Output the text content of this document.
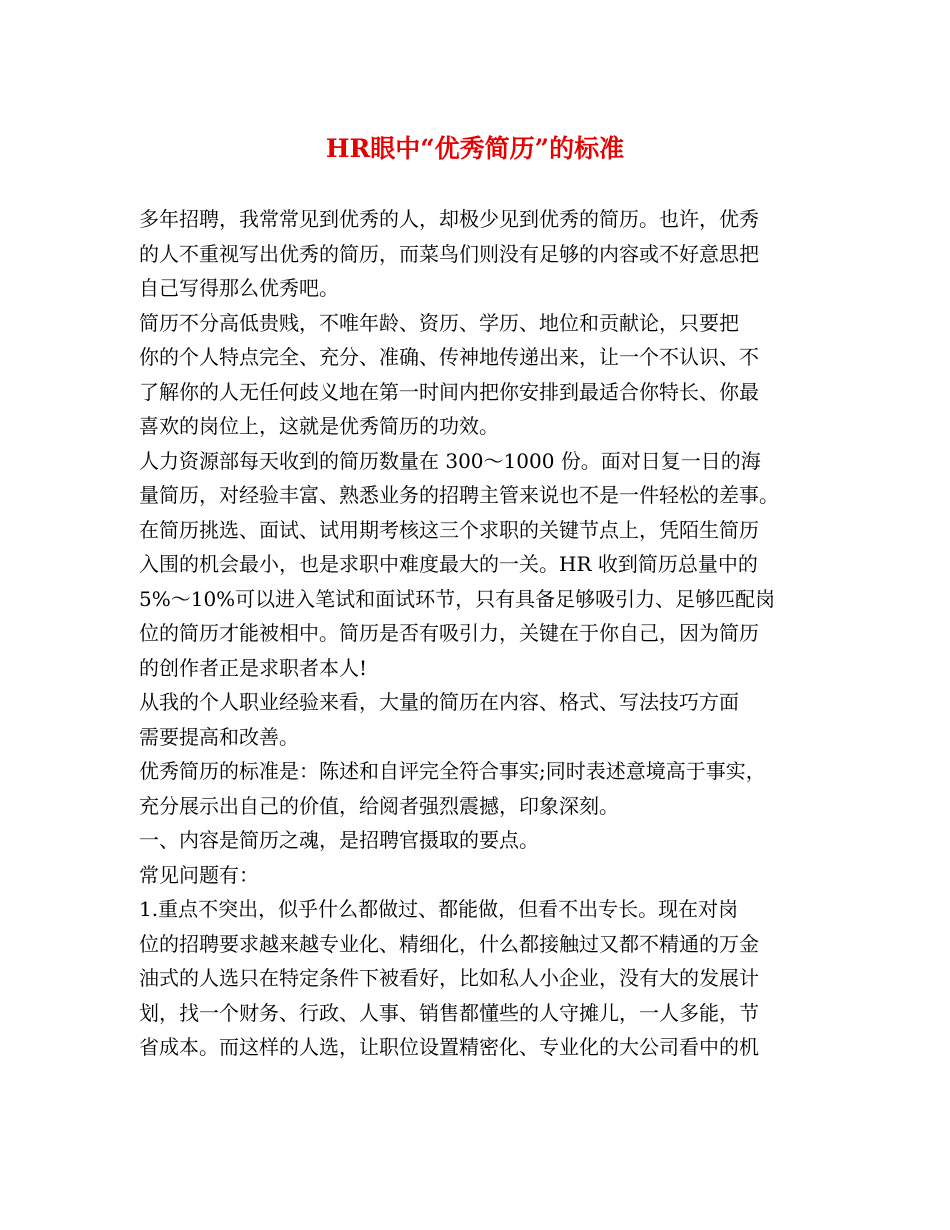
HR眼中“优秀简历”的标准
多年招聘，我常常见到优秀的人，却极少见到优秀的简历。也许，优秀
的人不重视写出优秀的简历，而菜鸟们则没有足够的内容或不好意思把
自己写得那么优秀吧。
简历不分高低贵贱，不唯年龄、资历、学历、地位和贡献论，只要把
你的个人特点完全、充分、准确、传神地传递出来，让一个不认识、不
了解你的人无任何歧义地在第一时间内把你安排到最适合你特长、你最
喜欢的岗位上，这就是优秀简历的功效。
人力资源部每天收到的简历数量在 300～1000 份。面对日复一日的海
量简历，对经验丰富、熟悉业务的招聘主管来说也不是一件轻松的差事。
在简历挑选、面试、试用期考核这三个求职的关键节点上，凭陌生简历
入围的机会最小，也是求职中难度最大的一关。HR 收到简历总量中的
5%～10%可以进入笔试和面试环节，只有具备足够吸引力、足够匹配岗
位的简历才能被相中。简历是否有吸引力，关键在于你自己，因为简历
的创作者正是求职者本人!
从我的个人职业经验来看，大量的简历在内容、格式、写法技巧方面
需要提高和改善。
优秀简历的标准是：陈述和自评完全符合事实;同时表述意境高于事实，
充分展示出自己的价值，给阅者强烈震撼，印象深刻。
一、内容是简历之魂，是招聘官摄取的要点。
常见问题有：
1.重点不突出，似乎什么都做过、都能做，但看不出专长。现在对岗
位的招聘要求越来越专业化、精细化，什么都接触过又都不精通的万金
油式的人选只在特定条件下被看好，比如私人小企业，没有大的发展计
划，找一个财务、行政、人事、销售都懂些的人守摊儿，一人多能，节
省成本。而这样的人选，让职位设置精密化、专业化的大公司看中的机
